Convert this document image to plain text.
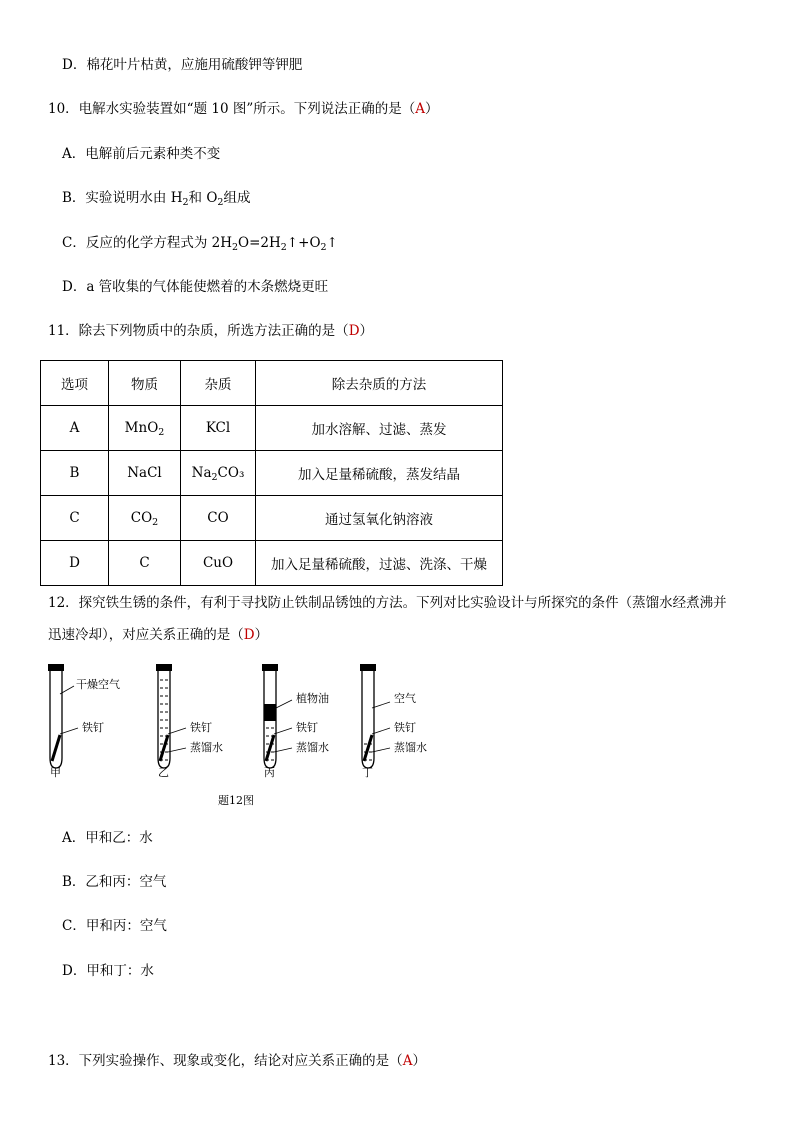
D．棉花叶片枯黄，应施用硫酸钾等钾肥
10．电解水实验装置如“题 10 图”所示。下列说法正确的是（A）
A．电解前后元素种类不变
B．实验说明水由 $H_2$和 $O_2$组成
C．反应的化学方程式为 $2H_2O=2H_2↑+O_2↑$
D．a 管收集的气体能使燃着的木条燃烧更旺
11．除去下列物质中的杂质，所选方法正确的是（D）
选项	物质	杂质	除去杂质的方法
A	MnO$_2$	KCl	加水溶解、过滤、蒸发
B	NaCl	$Na_2CO_3$	加入足量稀硫酸，蒸发结晶
C	$CO_2$	CO	通过氢氧化钠溶液
D	C	CuO	加入足量稀硫酸，过滤、洗涤、干燥
12．探究铁生锈的条件，有利于寻找防止铁制品锈蚀的方法。下列对比实验设计与所探究的条件（蒸馏水经煮沸并
迅速冷却），对应关系正确的是（D）
干燥空气
铁钉
甲
铁钉
蒸馏水
乙
植物油
铁钉
蒸馏水
丙
空气
铁钉
蒸馏水
丁
题12图
A．甲和乙：水
B．乙和丙：空气
C．甲和丙：空气
D．甲和丁：水
13．下列实验操作、现象或变化，结论对应关系正确的是（A）
